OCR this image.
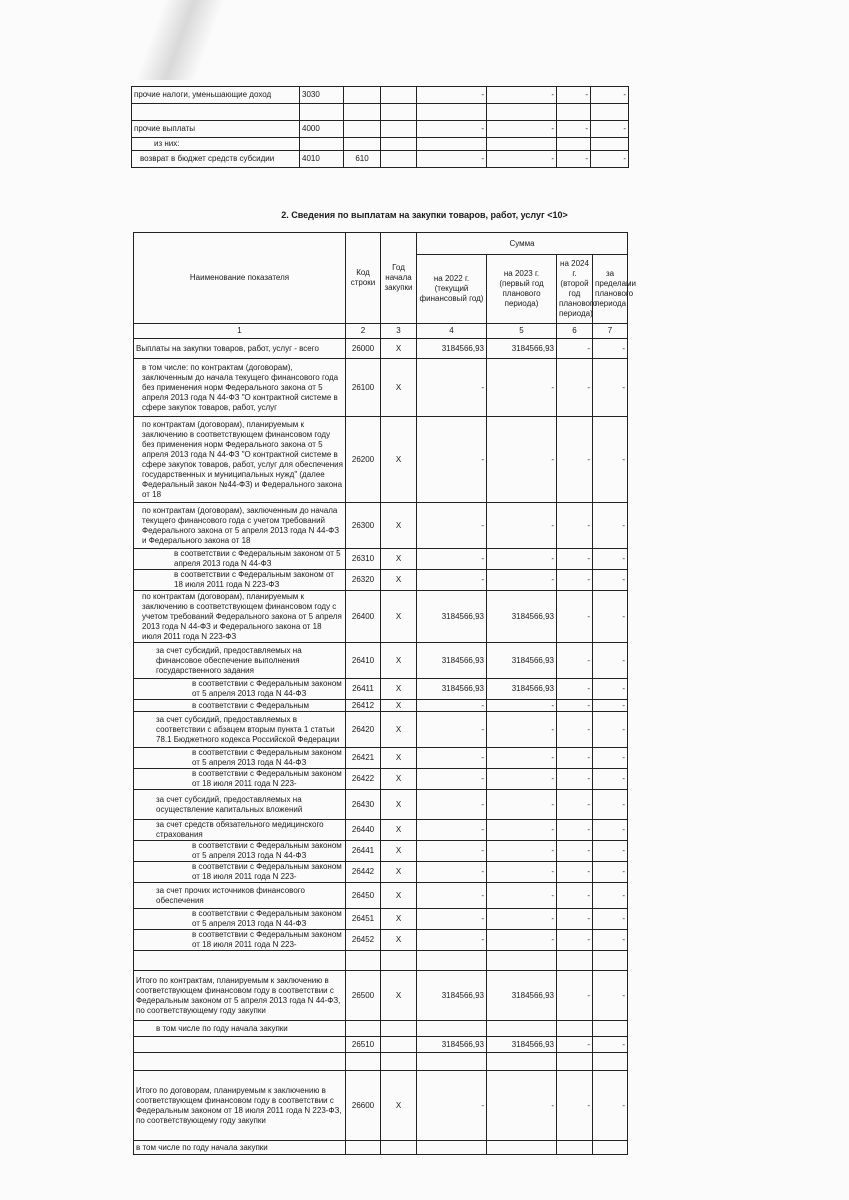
прочие налоги, уменьшающие доход	3030			-	-	-	-

прочие выплаты	4000			-	-	-	-
из них:							
возврат в бюджет средств субсидии	4010	610		-	-	-	-
2. Сведения по выплатам на закупки товаров, работ, услуг <10>
Наименование показателя	Код строки	Год начала закупки	Сумма			
			на 2022 г. (текущий финансовый год)	на 2023 г. (первый год планового периода)	на 2024 г. (второй год планового периода)	за пределами планового периода
1	2	3	4	5	6	7
Выплаты на закупки товаров, работ, услуг - всего	26000	X	3184566,93	3184566,93	-	-
в том числе: по контрактам (договорам), заключенным до начала текущего финансового года без применения норм Федерального закона от 5 апреля 2013 года N 44-ФЗ "О контрактной системе в сфере закупок товаров, работ, услуг	26100	X	-	-	-	-
по контрактам (договорам), планируемым к заключению в соответствующем финансовом году без применения норм Федерального закона от 5 апреля 2013 года N 44-ФЗ "О контрактной системе в сфере закупок товаров, работ, услуг для обеспечения государственных и муниципальных нужд" (далее Федеральный закон №44-ФЗ) и Федерального закона от 18	26200	X	-	-	-	-
по контрактам (договорам), заключенным до начала текущего финансового года с учетом требований Федерального закона от 5 апреля 2013 года N 44-ФЗ и Федерального закона от 18	26300	X	-	-	-	-
в соответствии с Федеральным законом от 5 апреля 2013 года N 44-ФЗ	26310	X	-	-	-	-
в соответствии с Федеральным законом от 18 июля 2011 года N 223-ФЗ	26320	X	-	-	-	-
по контрактам (договорам), планируемым к заключению в соответствующем финансовом году с учетом требований Федерального закона от 5 апреля 2013 года N 44-ФЗ и Федерального закона от 18 июля 2011 года N 223-ФЗ	26400	X	3184566,93	3184566,93	-	-
за счет субсидий, предоставляемых на финансовое обеспечение выполнения государственного задания	26410	X	3184566,93	3184566,93	-	-
в соответствии с Федеральным законом от 5 апреля 2013 года N 44-ФЗ	26411	X	3184566,93	3184566,93	-	-
в соответствии с Федеральным	26412	X	-	-	-	-
за счет субсидий, предоставляемых в соответствии с абзацем вторым пункта 1 статьи 78.1 Бюджетного кодекса Российской Федерации	26420	X	-	-	-	-
в соответствии с Федеральным законом от 5 апреля 2013 года N 44-ФЗ	26421	X	-	-	-	-
в соответствии с Федеральным законом от 18 июля 2011 года N 223-	26422	X	-	-	-	-
за счет субсидий, предоставляемых на осуществление капитальных вложений	26430	X	-	-	-	-
за счет средств обязательного медицинского страхования	26440	X	-	-	-	-
в соответствии с Федеральным законом от 5 апреля 2013 года N 44-ФЗ	26441	X	-	-	-	-
в соответствии с Федеральным законом от 18 июля 2011 года N 223-	26442	X	-	-	-	-
за счет прочих источников финансового обеспечения	26450	X	-	-	-	-
в соответствии с Федеральным законом от 5 апреля 2013 года N 44-ФЗ	26451	X	-	-	-	-
в соответствии с Федеральным законом от 18 июля 2011 года N 223-	26452	X	-	-	-	-

Итого по контрактам, планируемым к заключению в соответствующем финансовом году в соответствии с Федеральным законом от 5 апреля 2013 года N 44-ФЗ, по соответствующему году закупки	26500	X	3184566,93	3184566,93	-	-
в том числе по году начала закупки						
	26510		3184566,93	3184566,93	-	-

Итого по договорам, планируемым к заключению в соответствующем финансовом году в соответствии с Федеральным законом от 18 июля 2011 года N 223-ФЗ, по соответствующему году закупки	26600	X	-	-	-	-
в том числе по году начала закупки						
